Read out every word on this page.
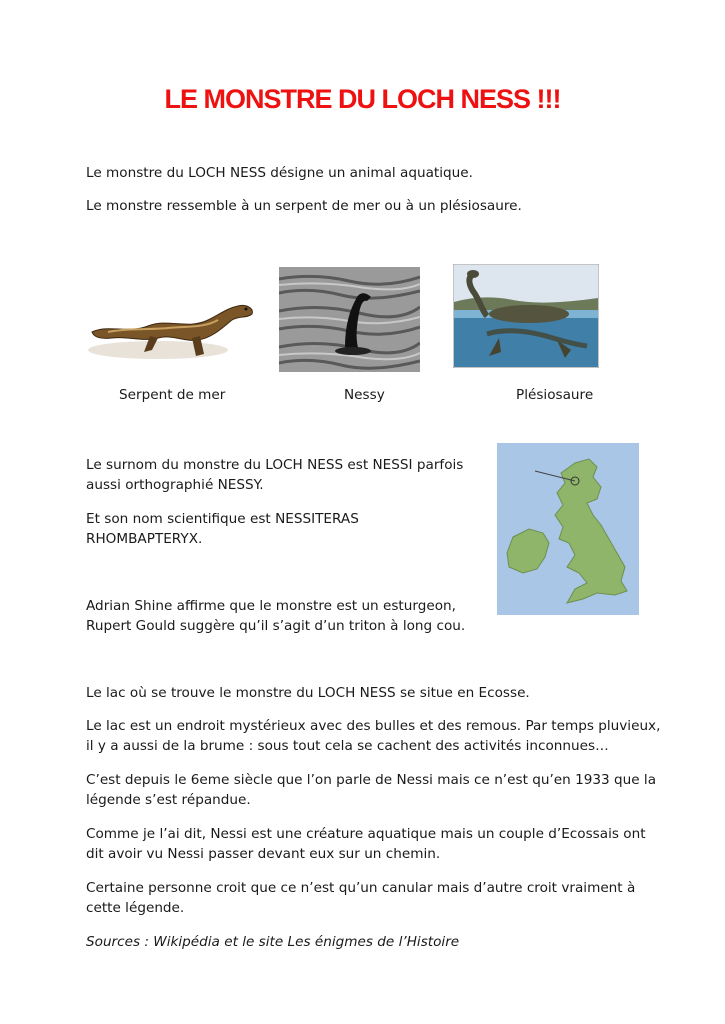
LE MONSTRE DU LOCH NESS !!!

Le monstre du LOCH NESS désigne un animal aquatique.

Le monstre ressemble à un serpent de mer ou à un plésiosaure.

Serpent de mer	Nessy	Plésiosaure

Le surnom du monstre du LOCH NESS est NESSI parfois

aussi orthographié NESSY.

Et son nom scientifique est NESSITERAS

RHOMBAPTERYX.

Adrian Shine affirme que le monstre est un esturgeon,

Rupert Gould suggère qu’il s’agit d’un triton à long cou.

Le lac où se trouve le monstre du LOCH NESS se situe en Ecosse.

Le lac est un endroit mystérieux avec des bulles et des remous. Par temps pluvieux,

il y a aussi de la brume : sous tout cela se cachent des activités inconnues…

C’est depuis le 6eme siècle que l’on parle de Nessi mais ce n’est qu’en 1933 que la

légende s’est répandue.

Comme je l’ai dit, Nessi est une créature aquatique mais un couple d’Ecossais ont

dit avoir vu Nessi passer devant eux sur un chemin.

Certaine personne croit que ce n’est qu’un canular mais d’autre croit vraiment à

cette légende.

Sources : Wikipédia et le site Les énigmes de l’Histoire
